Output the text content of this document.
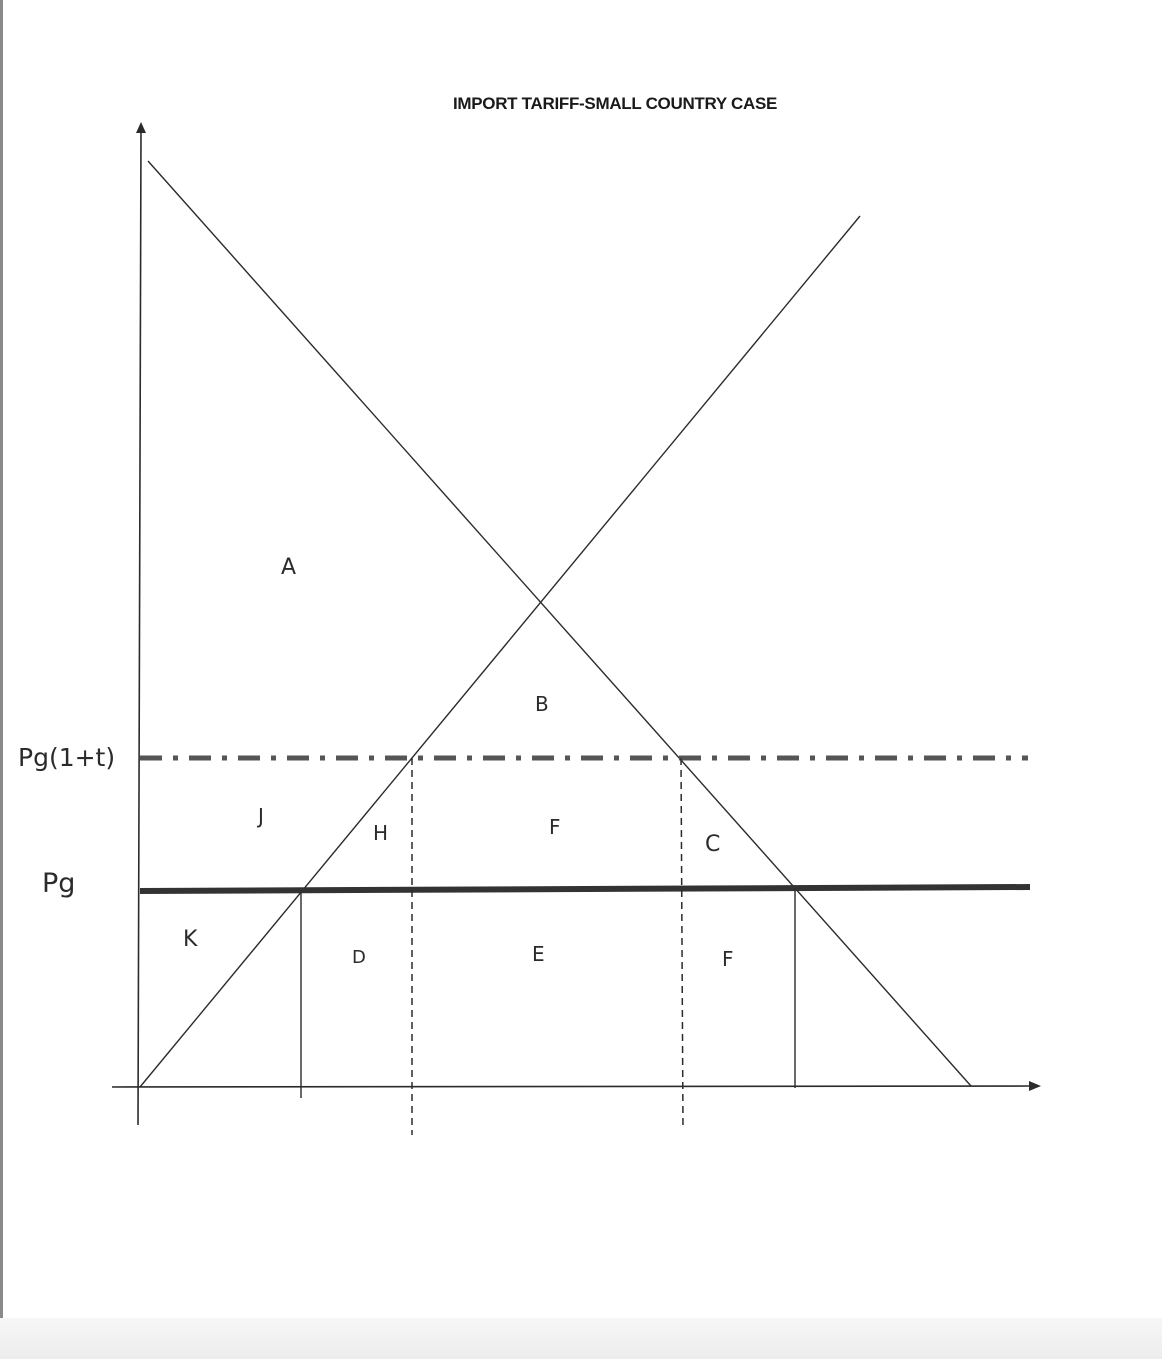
IMPORT TARIFF-SMALL COUNTRY CASE
Pg(1+t)
Pg
A
B
J
H	F
C
K
D	E	F
